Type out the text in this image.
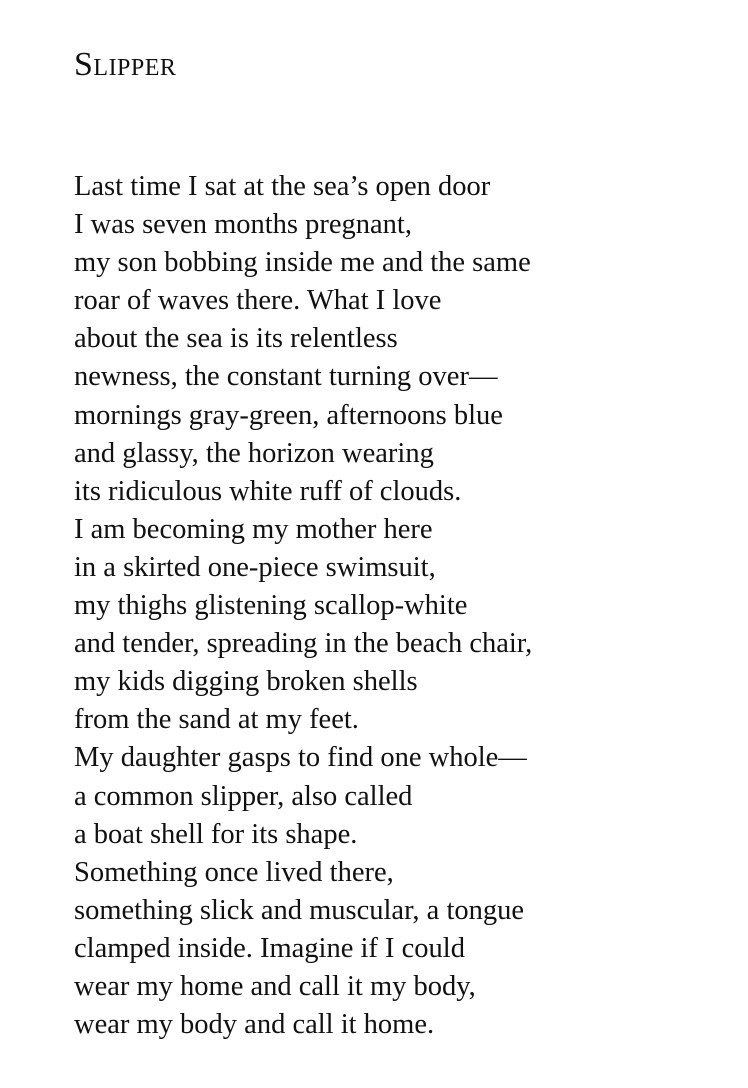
Slipper
Last time I sat at the sea’s open door
I was seven months pregnant,
my son bobbing inside me and the same
roar of waves there. What I love
about the sea is its relentless
newness, the constant turning over—
mornings gray-green, afternoons blue
and glassy, the horizon wearing
its ridiculous white ruff of clouds.
I am becoming my mother here
in a skirted one-piece swimsuit,
my thighs glistening scallop-white
and tender, spreading in the beach chair,
my kids digging broken shells
from the sand at my feet.
My daughter gasps to find one whole—
a common slipper, also called
a boat shell for its shape.
Something once lived there,
something slick and muscular, a tongue
clamped inside. Imagine if I could
wear my home and call it my body,
wear my body and call it home.
